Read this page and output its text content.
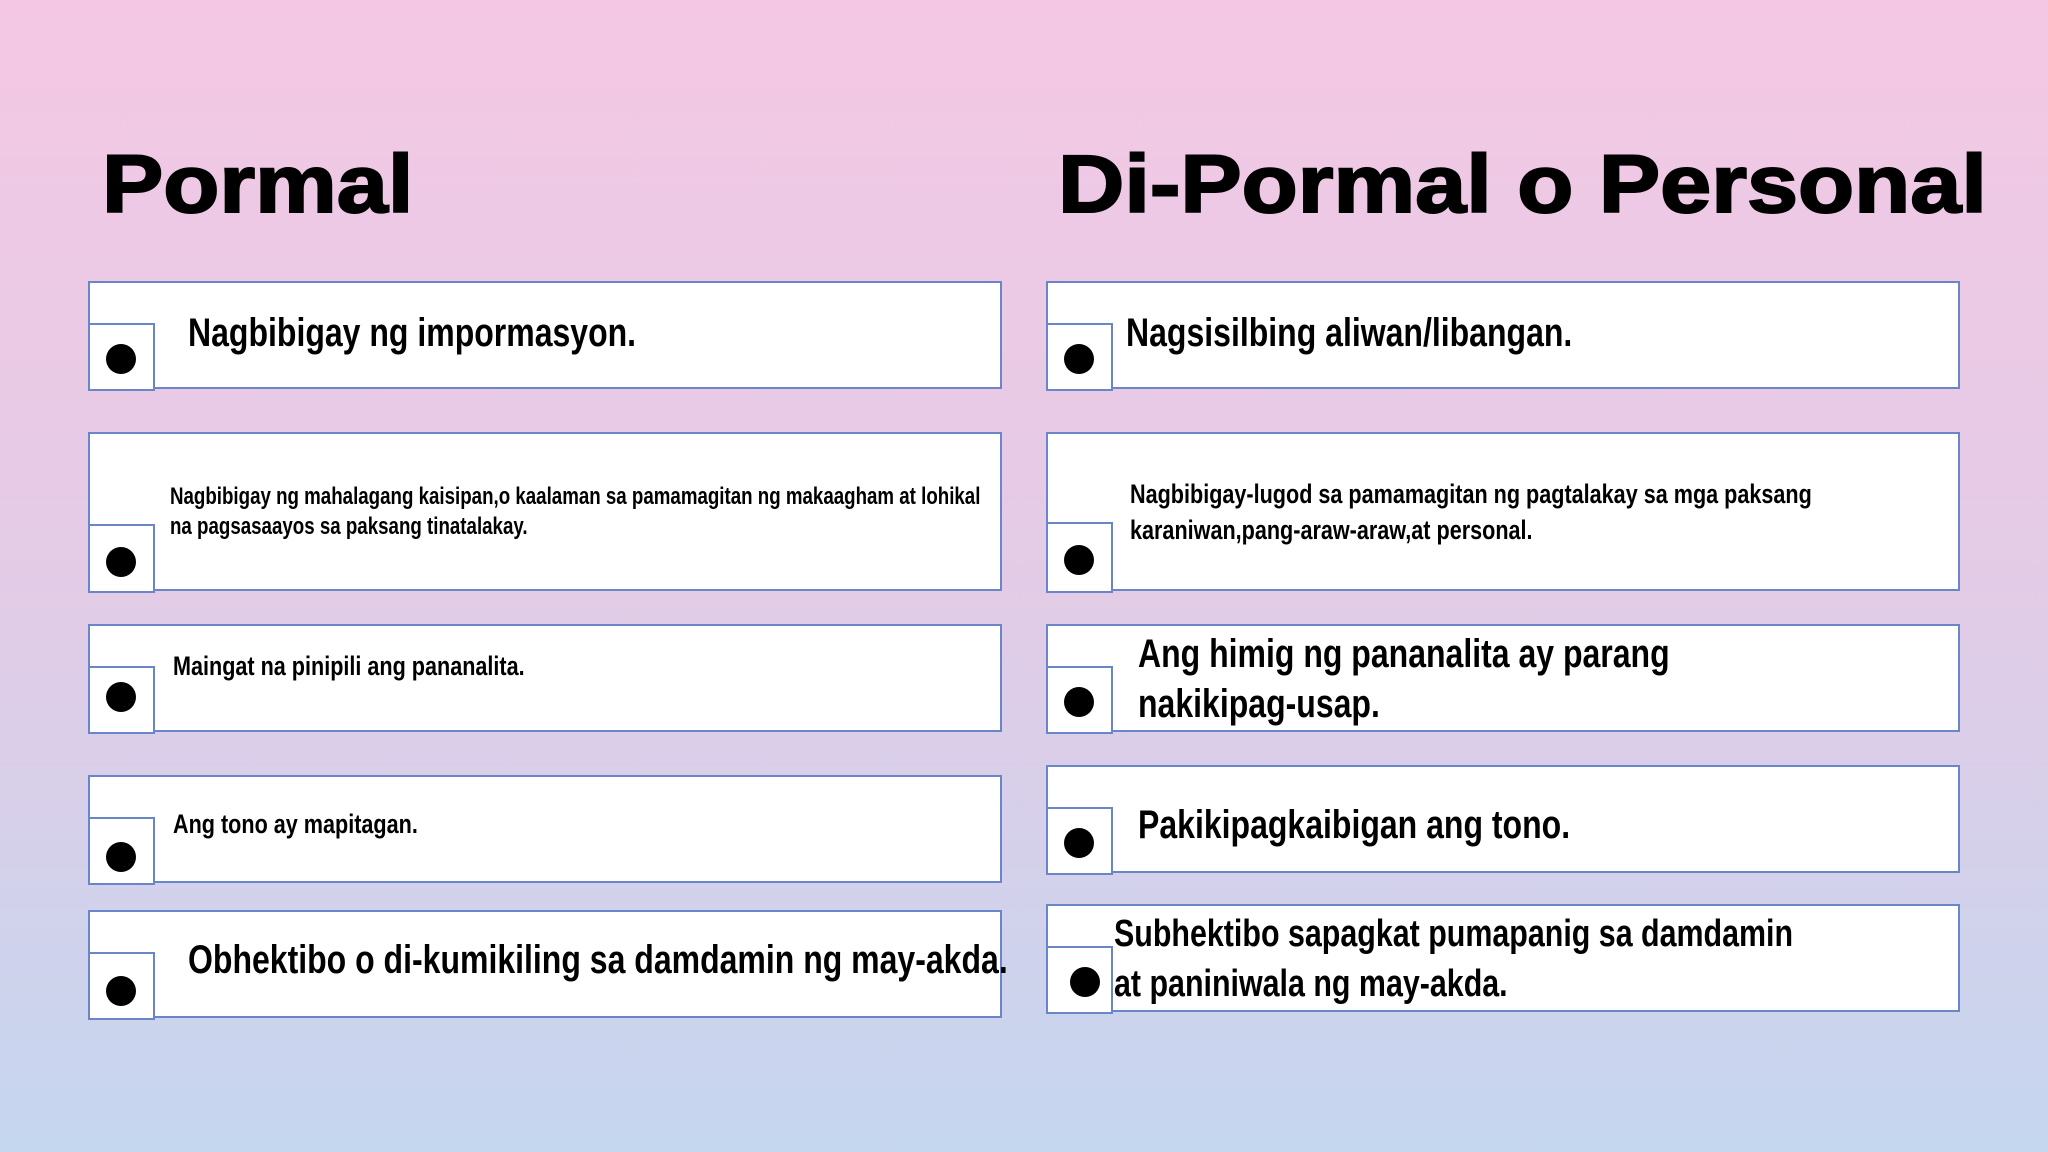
Pormal	Di-Pormal o Personal

Nagbibigay ng impormasyon.

Nagbibigay ng mahalagang kaisipan,o kaalaman sa pamamagitan ng makaagham at lohikal na pagsasaayos sa paksang tinatalakay.

Maingat na pinipili ang pananalita.

Ang tono ay mapitagan.

Obhektibo o di-kumikiling sa damdamin ng may-akda.

Nagsisilbing aliwan/libangan.

Nagbibigay-lugod sa pamamagitan ng pagtalakay sa mga paksang karaniwan,pang-araw-araw,at personal.

Ang himig ng pananalita ay parang nakikipag-usap.

Pakikipagkaibigan ang tono.

Subhektibo sapagkat pumapanig sa damdamin at paniniwala ng may-akda.
